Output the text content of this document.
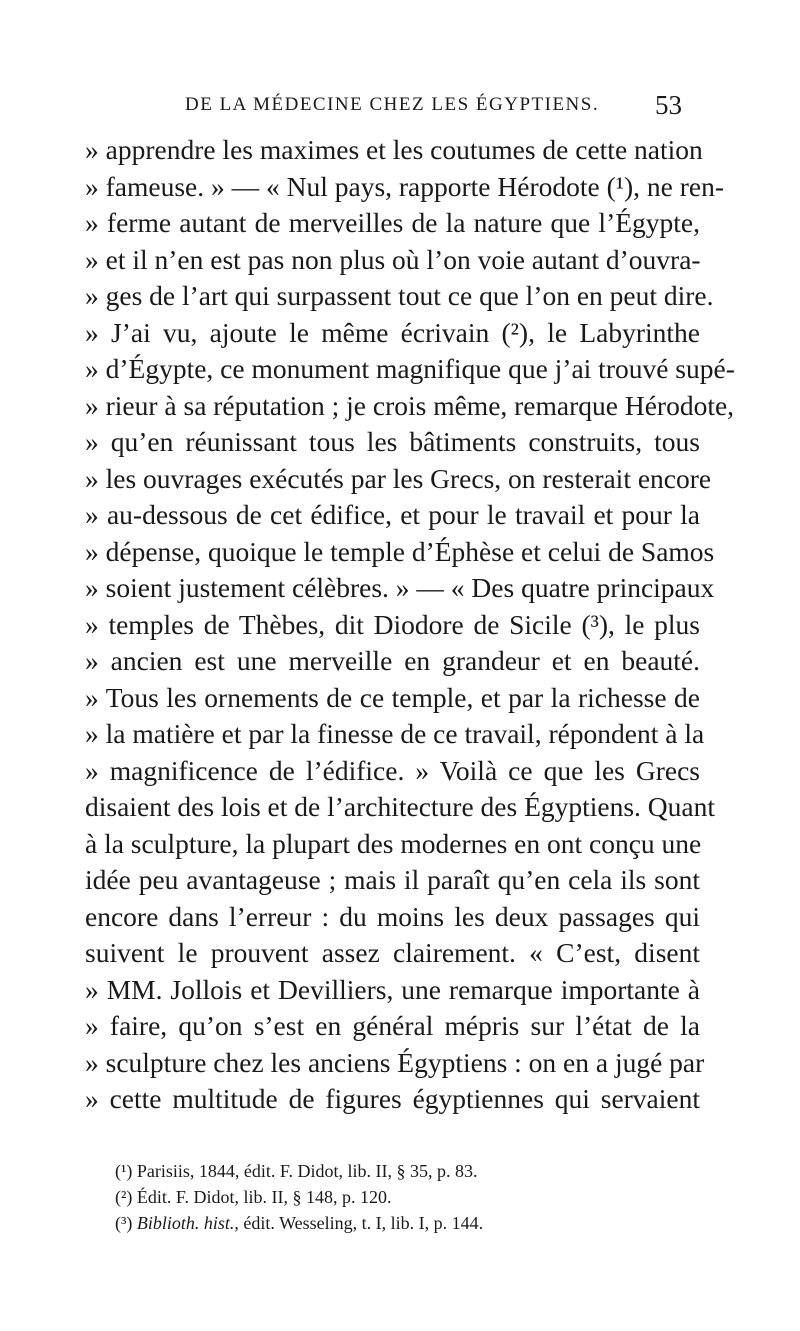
DE LA MÉDECINE CHEZ LES ÉGYPTIENS. 53
» apprendre les maximes et les coutumes de cette nation
» fameuse. » — « Nul pays, rapporte Hérodote (¹), ne ren-
» ferme autant de merveilles de la nature que l’Égypte,
» et il n’en est pas non plus où l’on voie autant d’ouvra-
» ges de l’art qui surpassent tout ce que l’on en peut dire.
» J’ai vu, ajoute le même écrivain (²), le Labyrinthe
» d’Égypte, ce monument magnifique que j’ai trouvé supé-
» rieur à sa réputation ; je crois même, remarque Hérodote,
» qu’en réunissant tous les bâtiments construits, tous
» les ouvrages exécutés par les Grecs, on resterait encore
» au-dessous de cet édifice, et pour le travail et pour la
» dépense, quoique le temple d’Éphèse et celui de Samos
» soient justement célèbres. » — « Des quatre principaux
» temples de Thèbes, dit Diodore de Sicile (³), le plus
» ancien est une merveille en grandeur et en beauté.
» Tous les ornements de ce temple, et par la richesse de
» la matière et par la finesse de ce travail, répondent à la
» magnificence de l’édifice. » Voilà ce que les Grecs
disaient des lois et de l’architecture des Égyptiens. Quant
à la sculpture, la plupart des modernes en ont conçu une
idée peu avantageuse ; mais il paraît qu’en cela ils sont
encore dans l’erreur : du moins les deux passages qui
suivent le prouvent assez clairement. « C’est, disent
» MM. Jollois et Devilliers, une remarque importante à
» faire, qu’on s’est en général mépris sur l’état de la
» sculpture chez les anciens Égyptiens : on en a jugé par
» cette multitude de figures égyptiennes qui servaient
(¹) Parisiis, 1844, édit. F. Didot, lib. II, § 35, p. 83.
(²) Édit. F. Didot, lib. II, § 148, p. 120.
(³) Biblioth. hist., édit. Wesseling, t. I, lib. I, p. 144.
